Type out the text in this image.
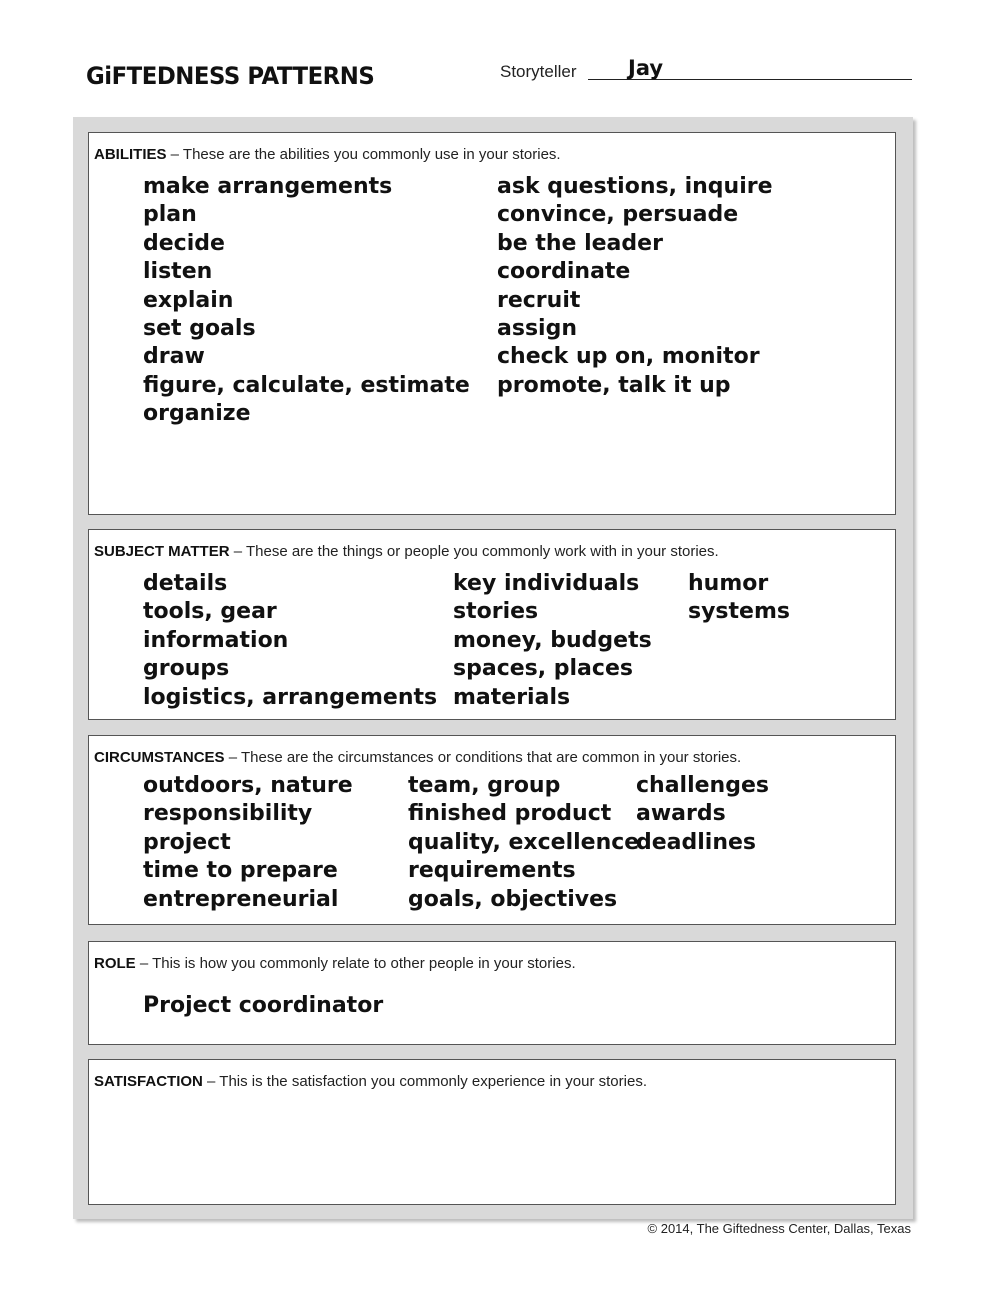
GiFTEDNESS PATTERNS	Storyteller Jay
ABILITIES – These are the abilities you commonly use in your stories.
make arrangements
plan
decide
listen
explain
set goals
draw
figure, calculate, estimate
organize
ask questions, inquire
convince, persuade
be the leader
coordinate
recruit
assign
check up on, monitor
promote, talk it up
SUBJECT MATTER – These are the things or people you commonly work with in your stories.
details
tools, gear
information
groups
logistics, arrangements
key individuals
stories
money, budgets
spaces, places
materials
humor
systems
CIRCUMSTANCES – These are the circumstances or conditions that are common in your stories.
outdoors, nature
responsibility
project
time to prepare
entrepreneurial
team, group
finished product
quality, excellence
requirements
goals, objectives
challenges
awards
deadlines
ROLE – This is how you commonly relate to other people in your stories.
Project coordinator
SATISFACTION – This is the satisfaction you commonly experience in your stories.
© 2014, The Giftedness Center, Dallas, Texas
